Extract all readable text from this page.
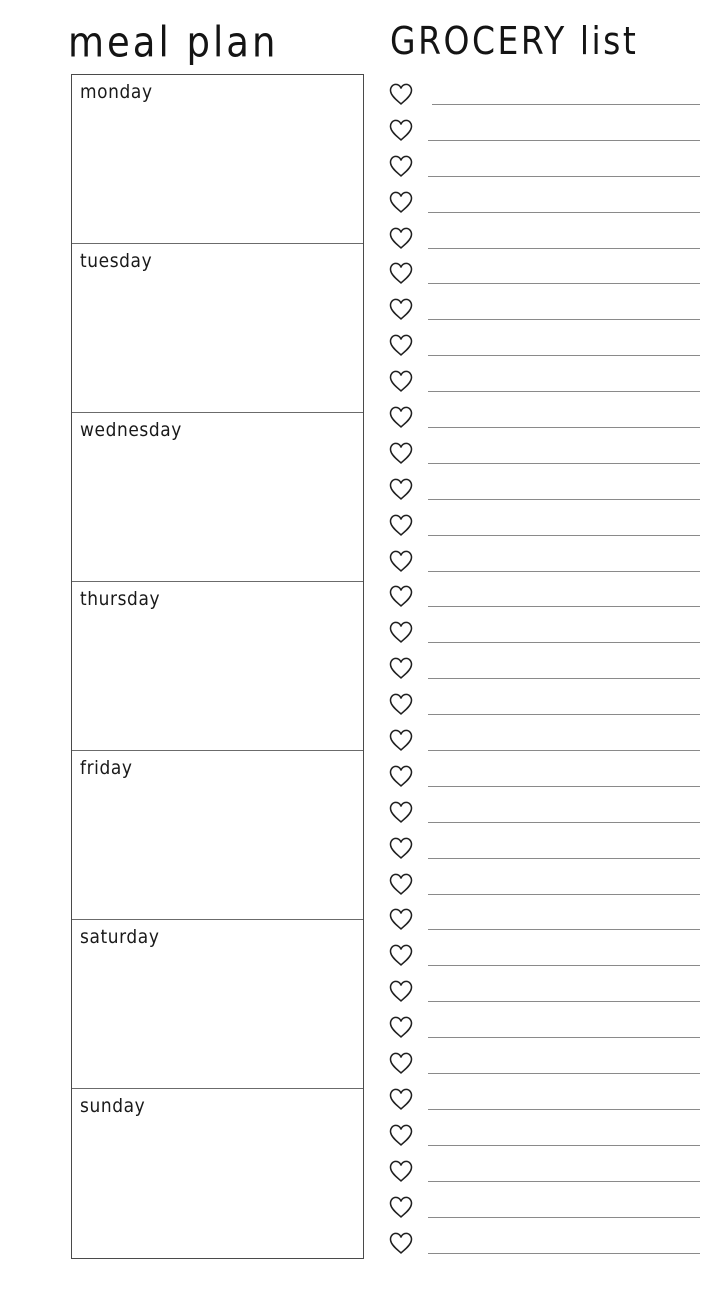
meal plan
monday
tuesday
wednesday
thursday
friday
saturday
sunday
GROCERY list
